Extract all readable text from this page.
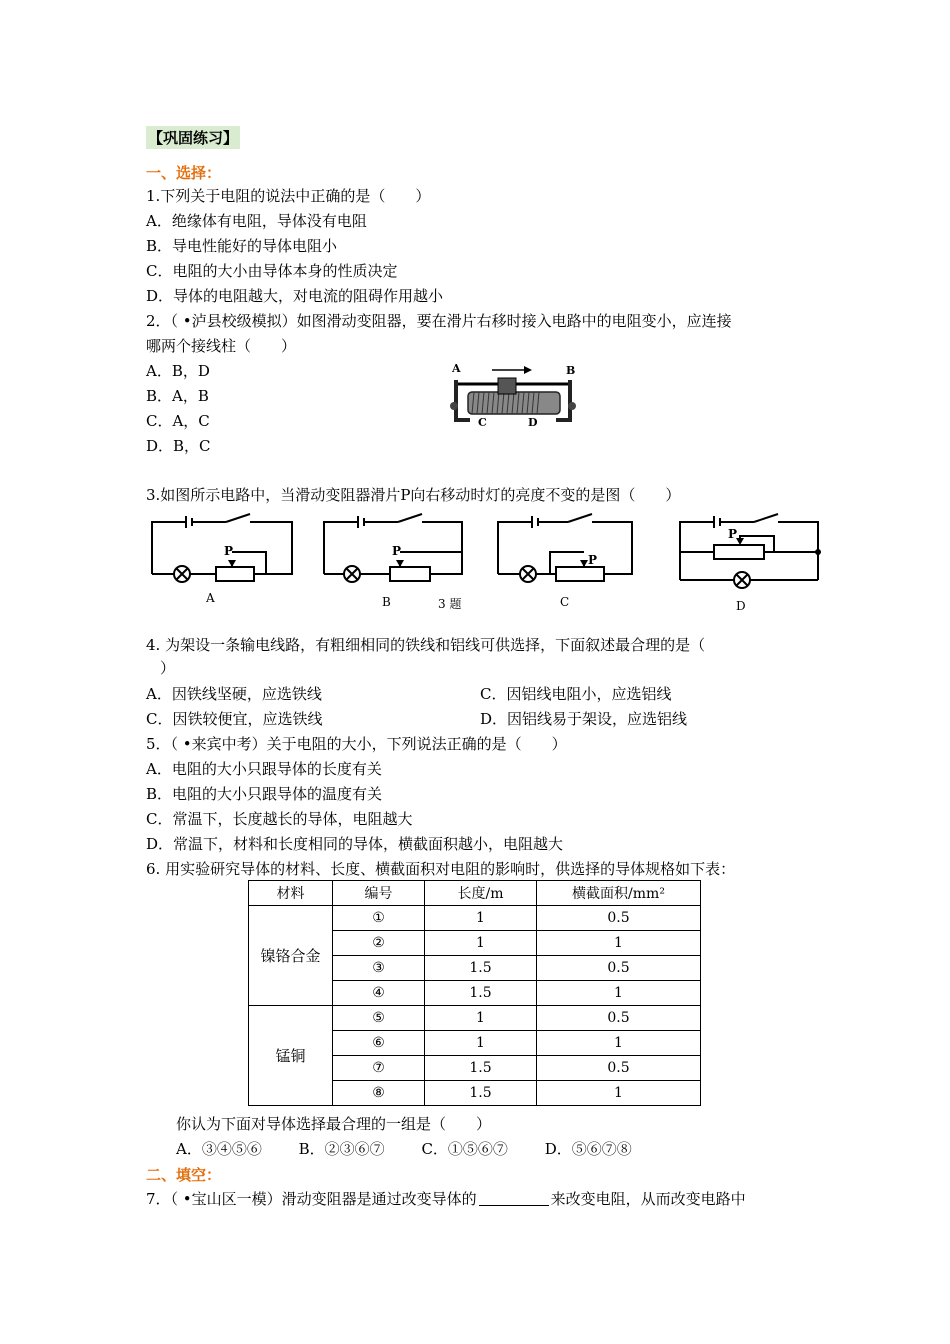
【巩固练习】
一、选择：
1.下列关于电阻的说法中正确的是（　　）
A．绝缘体有电阻，导体没有电阻
B．导电性能好的导体电阻小
C．电阻的大小由导体本身的性质决定
D．导体的电阻越大，对电流的阻碍作用越小
2．（ •泸县校级模拟）如图滑动变阻器，要在滑片右移时接入电路中的电阻变小，应连接
哪两个接线柱（　　）
A．B，D
B．A，B
C．A，C
D．B，C
A	B
C	D
3.如图所示电路中，当滑动变阻器滑片P向右移动时灯的亮度不变的是图（　　）
P
A
P
B	3 题
P
C
P
D
4. 为架设一条输电线路，有粗细相同的铁线和铝线可供选择，下面叙述最合理的是（
）
A．因铁线坚硬，应选铁线	C．因铝线电阻小，应选铝线
C．因铁较便宜，应选铁线	D．因铝线易于架设，应选铝线
5．（ •来宾中考）关于电阻的大小，下列说法正确的是（　　）
A．电阻的大小只跟导体的长度有关
B．电阻的大小只跟导体的温度有关
C．常温下，长度越长的导体，电阻越大
D．常温下，材料和长度相同的导体，横截面积越小，电阻越大
6. 用实验研究导体的材料、长度、横截面积对电阻的影响时，供选择的导体规格如下表：
材料	编号	长度/m	横截面积/mm²
镍铬合金	①	1	0.5
	②	1	1
	③	1.5	0.5
	④	1.5	1
锰铜	⑤	1	0.5
	⑥	1	1
	⑦	1.5	0.5
	⑧	1.5	1
你认为下面对导体选择最合理的一组是（　　）
A．③④⑤⑥ B．②③⑥⑦ C．①⑤⑥⑦ D．⑤⑥⑦⑧
二、填空：
7．（ •宝山区一模）滑动变阻器是通过改变导体的	来改变电阻，从而改变电路中
